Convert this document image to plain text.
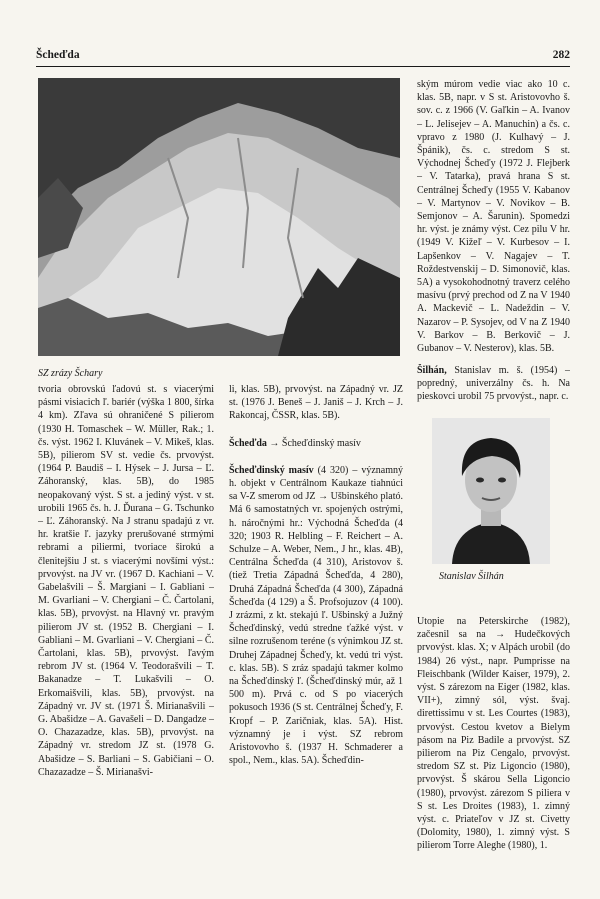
Šcheďda	282
SZ zrázy Šchary

tvoria obrovskú ľadovú st. s viacerými pásmi visiacich ľ. bariér (výška 1 800, šírka 4 km). Zľava sú ohraničené S pilierom (1930 H. Tomaschek – W. Müller, Rak.; 1. čs. výst. 1962 I. Kluvánek – V. Mikeš, klas. 5B), pilierom SV st. vedie čs. prvovýst. (1964 P. Baudiš – I. Hýsek – J. Jursa – Ľ. Záhoranský, klas. 5B), do 1985 neopakovaný výst. S st. a jediný výst. v st. urobili 1965 čs. h. J. Ďurana – G. Tschunko – Ľ. Záhoranský. Na J stranu spadajú z vr. hr. kratšie ľ. jazyky prerušované strmými rebrami a piliermi, tvoriace širokú a členitejšiu J st. s viacerými novšími výst.: prvovýst. na JV vr. (1967 D. Kachiani – V. Gabelašvili – Š. Margiani – I. Gabliani – M. Gvarliani – V. Chergiani – Č. Čartolani, klas. 5B), prvovýst. na Hlavný vr. pravým pilierom JV st. (1952 B. Chergiani – I. Gabliani – M. Gvarliani – V. Chergiani – Č. Čartolani, klas. 5B), prvovýst. ľavým rebrom JV st. (1964 V. Teodorašvili – T. Bakanadze – T. Lukašvili – O. Erkomaišvili, klas. 5B), prvovýst. na Západný vr. JV st. (1971 Š. Mirianašvili – G. Abašidze – A. Gavašeli – D. Dangadze – O. Chazazadze, klas. 5B), prvovýst. na Západný vr. stredom JZ st. (1978 G. Abašidze – S. Barliani – S. Gabičiani – O. Chazazadze – Š. Mirianašvi-

li, klas. 5B), prvovýst. na Západný vr. JZ st. (1976 J. Beneš – J. Janiš – J. Krch – J. Rakoncaj, ČSSR, klas. 5B).

Šcheďda → Šcheďdinský masív

Šcheďdinský masív (4 320) – významný h. objekt v Centrálnom Kaukaze tiahnúci sa V-Z smerom od JZ → Ušbinského plató. Má 6 samostatných vr. spojených ostrými, h. náročnými hr.: Východná Šcheďda (4 320; 1903 R. Helbling – F. Reichert – A. Schulze – A. Weber, Nem., J hr., klas. 4B), Centrálna Šcheďda (4 310), Aristovov š. (tiež Tretia Západná Šcheďda, 4 280), Druhá Západná Šcheďda (4 300), Západná Šcheďda (4 129) a Š. Profsojuzov (4 100). J zrázmi, z kt. stekajú ľ. Ušbinský a Južný Šcheďdinský, vedú stredne ťažké výst. v silne rozrušenom teréne (s výnimkou JZ st. Druhej Západnej Šcheďy, kt. vedú tri výst. c. klas. 5B). S zráz spadajú takmer kolmo na Šcheďdinský ľ. (Šcheďdinský múr, až 1 500 m). Prvá c. od S po viacerých pokusoch 1936 (S st. Centrálnej Šcheďy, F. Kropf – P. Zaričniak, klas. 5A). Hist. významný je i výst. SZ rebrom Aristovovho š. (1937 H. Schmaderer a spol., Nem., klas. 5A). Šcheďdin-

ským múrom vedie viac ako 10 c. klas. 5B, napr. v S st. Aristovovho š. sov. c. z 1966 (V. Gaľkin – A. Ivanov – L. Jelisejev – A. Manuchin) a čs. c. vpravo z 1980 (J. Kulhavý – J. Špánik), čs. c. stredom S st. Východnej Šcheďy (1972 J. Flejberk – V. Tatarka), pravá hrana S st. Centrálnej Šcheďy (1955 V. Kabanov – V. Martynov – V. Novikov – B. Semjonov – A. Šarunin). Spomedzi hr. výst. je známy výst. Cez pilu V hr. (1949 V. Kižeľ – V. Kurbesov – I. Lapšenkov – V. Nagajev – T. Roždestvenskij – D. Simonovič, klas. 5A) a vysokohodnotný traverz celého masívu (prvý prechod od Z na V 1940 A. Mackevič – L. Nadeždin – V. Nazarov – P. Sysojev, od V na Z 1940 V. Barkov – B. Berkovič – J. Gubanov – V. Nesterov), klas. 5B.

Šilhán, Stanislav m. š. (1954) – popredný, univerzálny čs. h. Na pieskovci urobil 75 prvovýst., napr. c.

Stanislav Šilhán

Utopie na Peterskirche (1982), začesnil sa na → Hudečkových prvovýst. klas. X; v Alpách urobil (do 1984) 26 výst., napr. Pumprisse na Fleischbank (Wilder Kaiser, 1979), 2. výst. S zárezom na Eiger (1982, klas. VII+), zimný sól, výst. švaj. direttissimu v st. Les Courtes (1983), prvovýst. Cestou kvetov a Bielym pásom na Piz Badile a prvovýst. SZ pilierom na Piz Cengalo, prvovýst. stredom SZ st. Piz Ligoncio (1980), prvovýst. Š skárou Sella Ligoncio (1980), prvovýst. zárezom S piliera v S st. Les Droites (1983), 1. zimný výst. c. Priateľov v JZ st. Civetty (Dolomity, 1980), 1. zimný výst. S pilierom Torre Aleghe (1980), 1.
